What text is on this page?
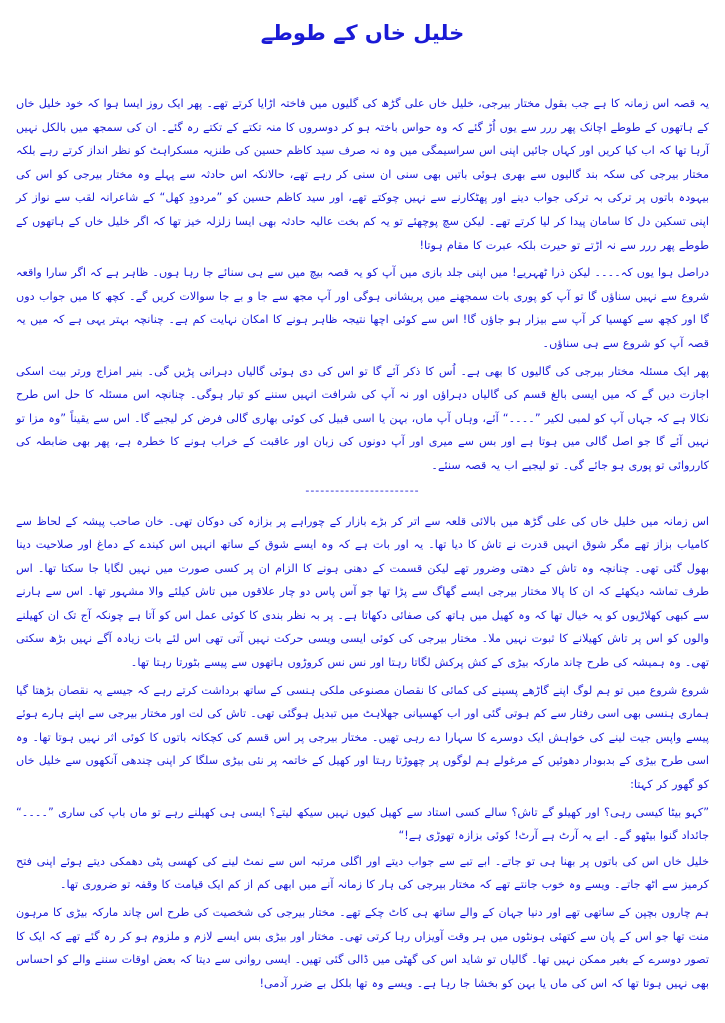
خلیل خاں کے طوطے

یہ قصہ اس زمانہ کا ہے جب بقول مختار بیرجی، خلیل خاں علی گڑھ کی گلیوں میں فاختہ اڑایا کرتے تھے۔ پھر ایک روز ایسا ہوا کہ خود خلیل خاں کے ہاتھوں کے طوطے اچانک پھر ررر سے یوں اُڑ گئے کہ وہ حواس باختہ ہو کر دوسروں کا منہ تکتے کے تکتے رہ گئے۔ ان کی سمجھ میں بالکل نہیں آرہا تھا کہ اب کیا کریں اور کہاں جائیں اپنی اس سراسیمگی میں وہ نہ صرف سید کاظم حسین کی طنزیہ مسکراہٹ کو نظر انداز کرتے رہے بلکہ مختار بیرجی کی سکہ بند گالیوں سے بھری ہوئی باتیں بھی سنی ان سنی کر رہے تھے، حالانکہ اس حادثہ سے پہلے وہ مختار بیرجی کو اس کی بیہودہ باتوں پر ترکی بہ ترکی جواب دینے اور پھٹکارنے سے نہیں چوکتے تھے، اور سید کاظم حسین کو ”مردودِ کھل“ کے شاعرانہ لقب سے نواز کر اپنی تسکین دل کا سامان پیدا کر لیا کرتے تھے۔ لیکن سچ پوچھئے تو یہ کم بخت عالیہ حادثہ بھی ایسا زلزلہ خیز تھا کہ اگر خلیل خاں کے ہاتھوں کے طوطے پھر ررر سے نہ اڑتے تو حیرت بلکہ عبرت کا مقام ہوتا!

دراصل ہوا یوں کہ۔۔۔۔ لیکن ذرا ٹھہریے! میں اپنی جلد بازی میں آپ کو یہ قصہ بیچ میں سے ہی سنائے جا رہا ہوں۔ ظاہر ہے کہ اگر سارا واقعہ شروع سے نہیں سناؤں گا تو آپ کو پوری بات سمجھنے میں پریشانی ہوگی اور آپ مجھ سے جا و بے جا سوالات کریں گے۔ کچھ کا میں جواب دوں گا اور کچھ سے کھسیا کر آپ سے بیزار ہو جاؤں گا! اس سے کوئی اچھا نتیجہ ظاہر ہونے کا امکان نہایت کم ہے۔ چنانچہ بہتر یہی ہے کہ میں یہ قصہ آپ کو شروع سے ہی سناؤں۔

پھر ایک مسئلہ مختار بیرجی کی گالیوں کا بھی ہے۔ اُس کا ذکر آئے گا تو اس کی دی ہوئی گالیاں دہرانی پڑیں گی۔ بنیر امزاج ورتر بیت اسکی اجازت دیں گے کہ میں ایسی بالغ قسم کی گالیاں دہراؤں اور نہ آپ کی شرافت انہیں سننے کو تیار ہوگی۔ چنانچہ اس مسئلہ کا حل اس طرح نکالا ہے کہ جہاں آپ کو لمبی لکیر ”۔۔۔۔“ آئے، وہاں آپ ماں، بہن یا اسی قبیل کی کوئی بھاری گالی فرض کر لیجیے گا۔ اس سے یقیناً ”وہ مزا تو نہیں آئے گا جو اصل گالی میں ہوتا ہے اور بس سے میری اور آپ دونوں کی زبان اور عاقبت کے خراب ہونے کا خطرہ ہے، پھر بھی ضابطہ کی کارروائی تو پوری ہو جائے گی۔ تو لیجیے اب یہ قصہ سنئے۔

-----------------------

اس زمانہ میں خلیل خاں کی علی گڑھ میں بالائی قلعہ سے اتر کر بڑے بازار کے چوراہے پر بزازہ کی دوکان تھی۔ خان صاحب پیشہ کے لحاظ سے کامیاب بزاز تھے مگر شوق انہیں قدرت نے تاش کا دیا تھا۔ یہ اور بات ہے کہ وہ ایسے شوق کے ساتھ انہیں اس کیندے کے دماغ اور صلاحیت دینا بھول گئی تھی۔ چنانچہ وہ تاش کے دھتی وضرور تھے لیکن قسمت کے دھنی ہونے کا الزام ان پر کسی صورت میں نہیں لگایا جا سکتا تھا۔ اس طرف تماشہ دیکھئے کہ ان کا پالا مختار بیرجی ایسے گھاگ سے پڑا تھا جو آس پاس دو چار علاقوں میں تاش کیلئے والا مشہور تھا۔ اس سے ہارنے سے کبھی کھلاڑیوں کو یہ خیال تھا کہ وہ کھیل میں ہاتھ کی صفائی دکھاتا ہے۔ پر بہ نظر بندی کا کوئی عمل اس کو آتا ہے چونکہ آج تک ان کھیلنے والوں کو اس پر تاش کھیلانے کا ثبوت نہیں ملا۔ مختار بیرجی کی کوئی ایسی ویسی حرکت نہیں آتی تھی اس لئے بات زیادہ آگے نہیں بڑھ سکتی تھی۔ وہ ہمیشہ کی طرح چاند مارکہ بیڑی کے کش پرکش لگاتا رہتا اور نس نس کروڑوں ہاتھوں سے پیسے بٹورتا رہتا تھا۔

شروع شروع میں تو ہم لوگ اپنے گاڑھے پسینے کی کمائی کا نقصان مصنوعی ملکی ہنسی کے ساتھ برداشت کرتے رہے کہ جیسے یہ نقصان بڑھتا گیا ہماری ہنسی بھی اسی رفتار سے کم ہوتی گئی اور اب کھسیانی جھلاہٹ میں تبدیل ہوگئی تھی۔ تاش کی لت اور مختار بیرجی سے اپنے ہارے ہوئے پیسے واپس جیت لینے کی خواہش ایک دوسرے کا سہارا دے رہی تھیں۔ مختار بیرجی پر اس قسم کی کچکانہ باتوں کا کوئی اثر نہیں ہوتا تھا۔ وہ اسی طرح بیڑی کے بدبودار دھوئیں کے مرغولے ہم لوگوں پر چھوڑتا رہتا اور کھیل کے خاتمہ پر نئی بیڑی سلگا کر اپنی چندھی آنکھوں سے خلیل خاں کو گھور کر کہتا:

”کہو بیٹا کیسی رہی؟ اور کھیلو گے تاش؟ سالے کسی استاد سے کھیل کیوں نہیں سیکھ لیتے؟ ایسی ہی کھیلنے رہے تو ماں باپ کی ساری ”۔۔۔۔“ جائداد گنوا بیٹھو گے۔ ابے یہ آرٹ ہے آرٹ! کوئی بزازہ تھوڑی ہے!“

خلیل خاں اس کی باتوں پر بھنا ہی تو جاتے۔ ابے تبے سے جواب دیتے اور اگلی مرتبہ اس سے نمٹ لینے کی کھسی پٹی دھمکی دیتے ہوئے اپنی فتح کرمیز سے اٹھ جاتے۔ ویسے وہ خوب جانتے تھے کہ مختار بیرجی کی ہار کا زمانہ آنے میں ابھی کم از کم ایک قیامت کا وقفہ تو ضروری تھا۔

ہم چاروں بچپن کے ساتھی تھے اور دنیا جہان کے والے ساتھ ہی کاٹ چکے تھے۔ مختار بیرجی کی شخصیت کی طرح اس چاند مارکہ بیڑی کا مرہون منت تھا جو اس کے پان سے کتھئی ہونٹوں میں ہر وقت آویزاں رہا کرتی تھی۔ مختار اور بیڑی بس ایسے لازم و ملزوم ہو کر رہ گئے تھے کہ ایک کا تصور دوسرے کے بغیر ممکن نہیں تھا۔ گالیاں تو شاید اس کی گھٹی میں ڈالی گئی تھیں۔ ایسی روانی سے دیتا کہ بعض اوقات سننے والے کو احساس بھی نہیں ہوتا تھا کہ اس کی ماں یا بہن کو بخشا جا رہا ہے۔ ویسے وہ تھا بلکل بے ضرر آدمی!
